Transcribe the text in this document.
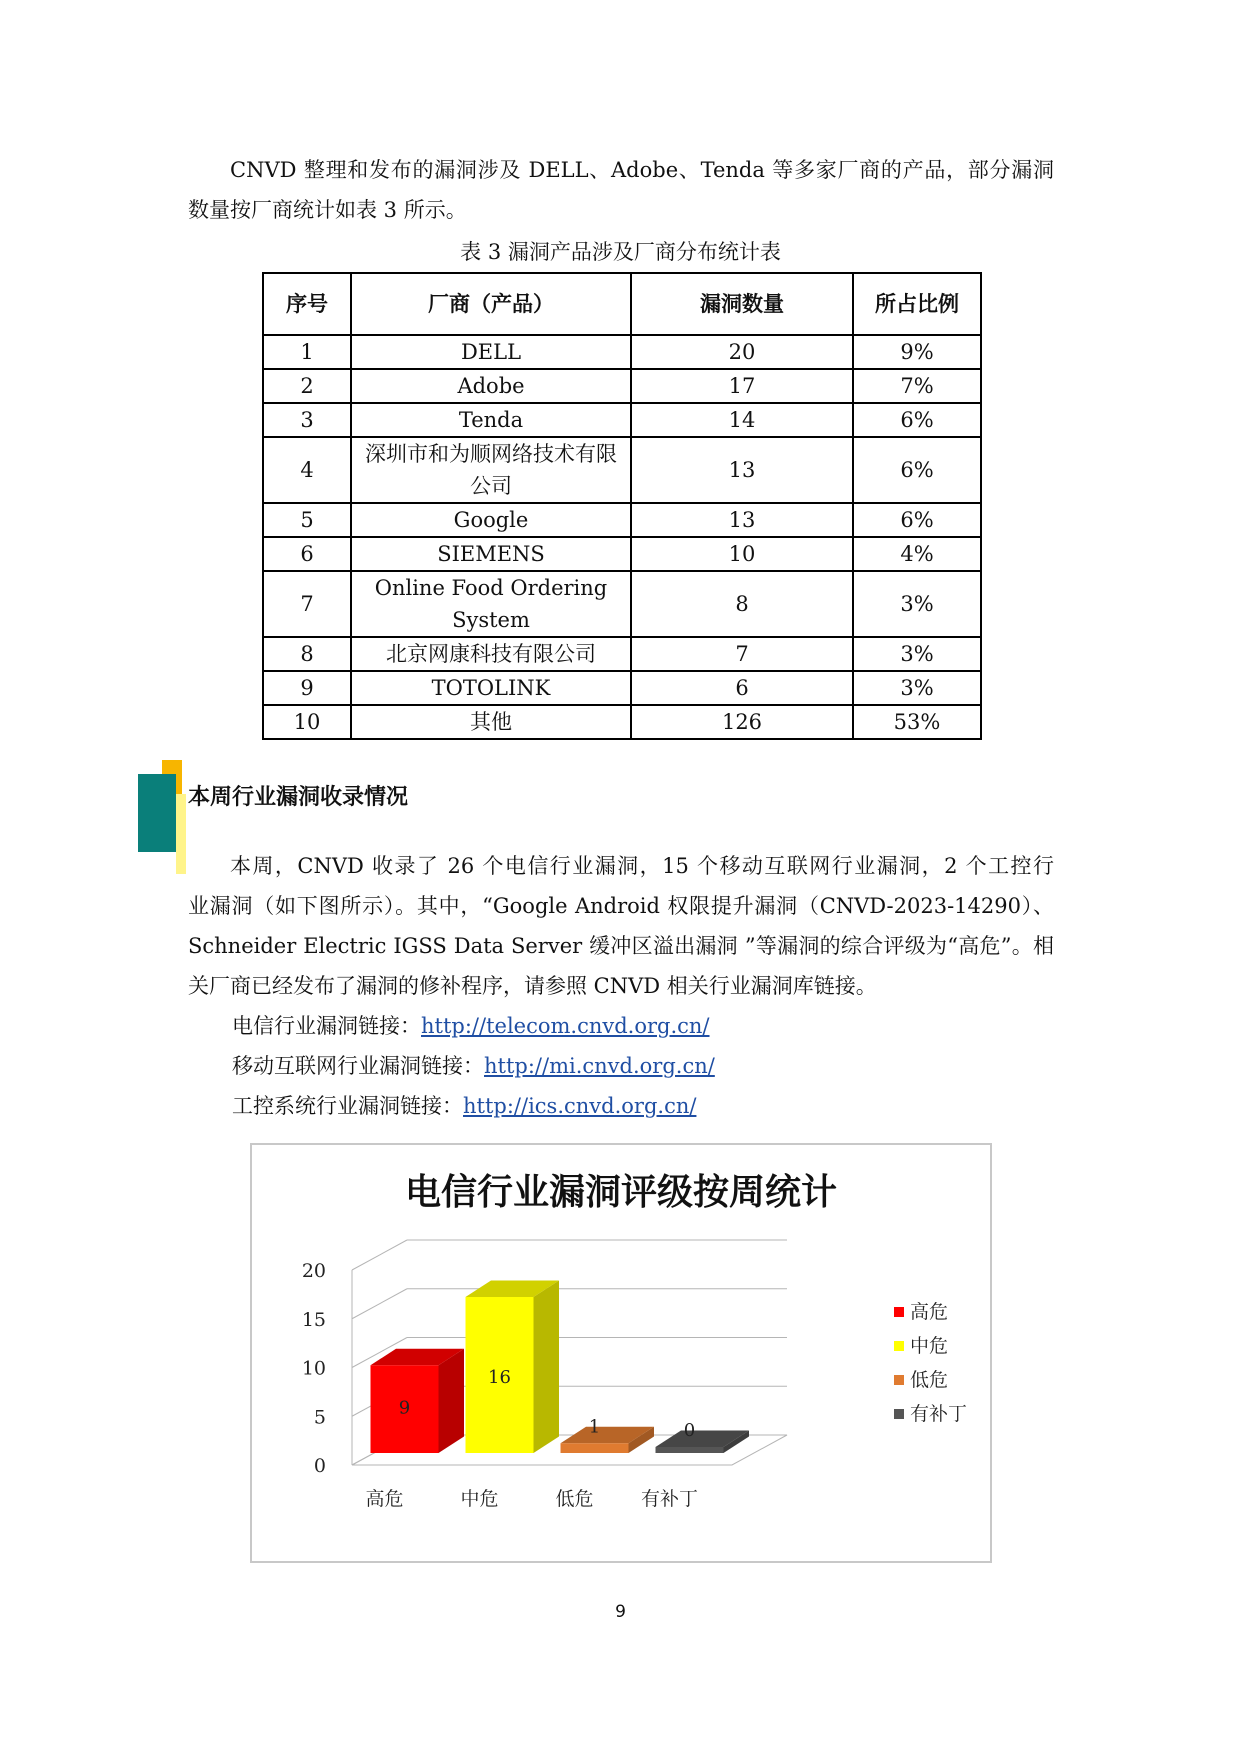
CNVD 整理和发布的漏洞涉及 DELL、Adobe、Tenda 等多家厂商的产品，部分漏洞

数量按厂商统计如表 3 所示。

表 3 漏洞产品涉及厂商分布统计表
序号	厂商（产品）	漏洞数量	所占比例
1	DELL	20	9%
2	Adobe	17	7%
3	Tenda	14	6%
4	深圳市和为顺网络技术有限公司	13	6%
5	Google	13	6%
6	SIEMENS	10	4%
7	Online Food Ordering System	8	3%
8	北京网康科技有限公司	7	3%
9	TOTOLINK	6	3%
10	其他	126	53%
本周行业漏洞收录情况

本周，CNVD 收录了 26 个电信行业漏洞，15 个移动互联网行业漏洞，2 个工控行

业漏洞（如下图所示）。其中，“Google Android 权限提升漏洞（CNVD-2023-14290）、

Schneider Electric IGSS Data Server 缓冲区溢出漏洞 ”等漏洞的综合评级为“高危”。相

关厂商已经发布了漏洞的修补程序，请参照 CNVD 相关行业漏洞库链接。

电信行业漏洞链接：http://telecom.cnvd.org.cn/
移动互联网行业漏洞链接：http://mi.cnvd.org.cn/
工控系统行业漏洞链接：http://ics.cnvd.org.cn/
电信行业漏洞评级按周统计
0
5
10
15
20
9
高危
16
中危
1
低危
0
有补丁
高危
中危
低危
有补丁
9
